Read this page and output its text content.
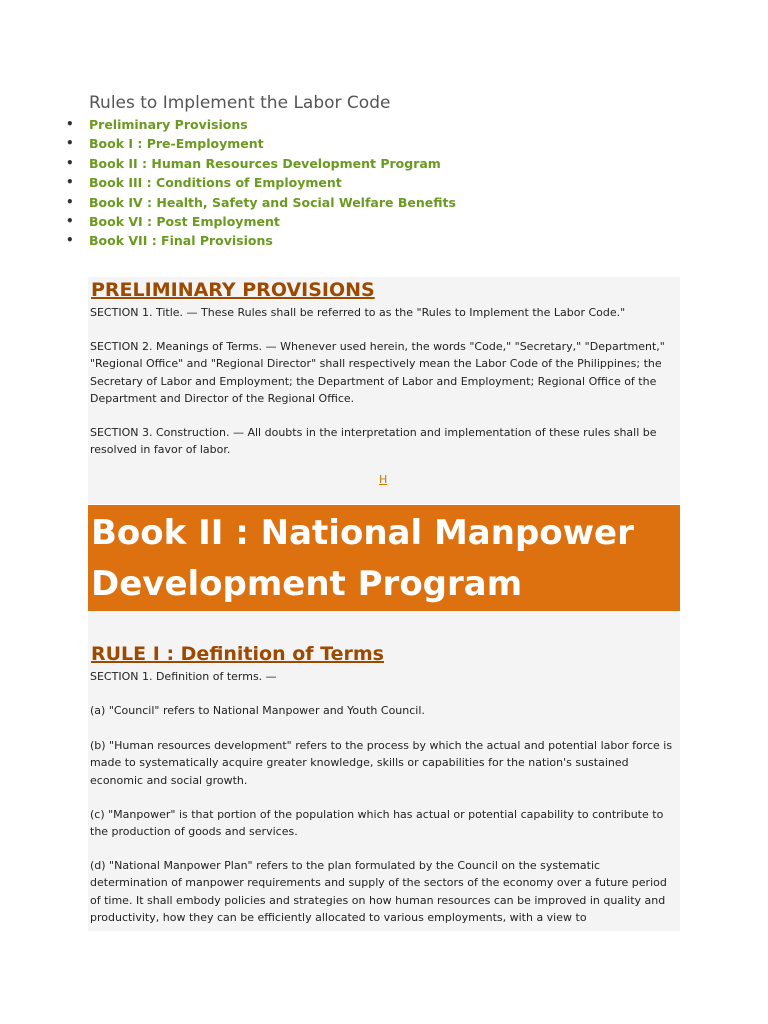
Rules to Implement the Labor Code
• Preliminary Provisions
• Book I : Pre-Employment
• Book II : Human Resources Development Program
• Book III : Conditions of Employment
• Book IV : Health, Safety and Social Welfare Benefits
• Book VI : Post Employment
• Book VII : Final Provisions
PRELIMINARY PROVISIONS

SECTION 1. Title. — These Rules shall be referred to as the "Rules to Implement the Labor Code."

SECTION 2. Meanings of Terms. — Whenever used herein, the words "Code," "Secretary," "Department," "Regional Office" and "Regional Director" shall respectively mean the Labor Code of the Philippines; the Secretary of Labor and Employment; the Department of Labor and Employment; Regional Office of the Department and Director of the Regional Office.

SECTION 3. Construction. — All doubts in the interpretation and implementation of these rules shall be resolved in favor of labor.

H
Book II : National Manpower
Development Program
RULE I : Definition of Terms

SECTION 1. Definition of terms. —

(a) "Council" refers to National Manpower and Youth Council.

(b) "Human resources development" refers to the process by which the actual and potential labor force is made to systematically acquire greater knowledge, skills or capabilities for the nation's sustained economic and social growth.

(c) "Manpower" is that portion of the population which has actual or potential capability to contribute to the production of goods and services.

(d) "National Manpower Plan" refers to the plan formulated by the Council on the systematic determination of manpower requirements and supply of the sectors of the economy over a future period of time. It shall embody policies and strategies on how human resources can be improved in quality and productivity, how they can be efficiently allocated to various employments, with a view to
